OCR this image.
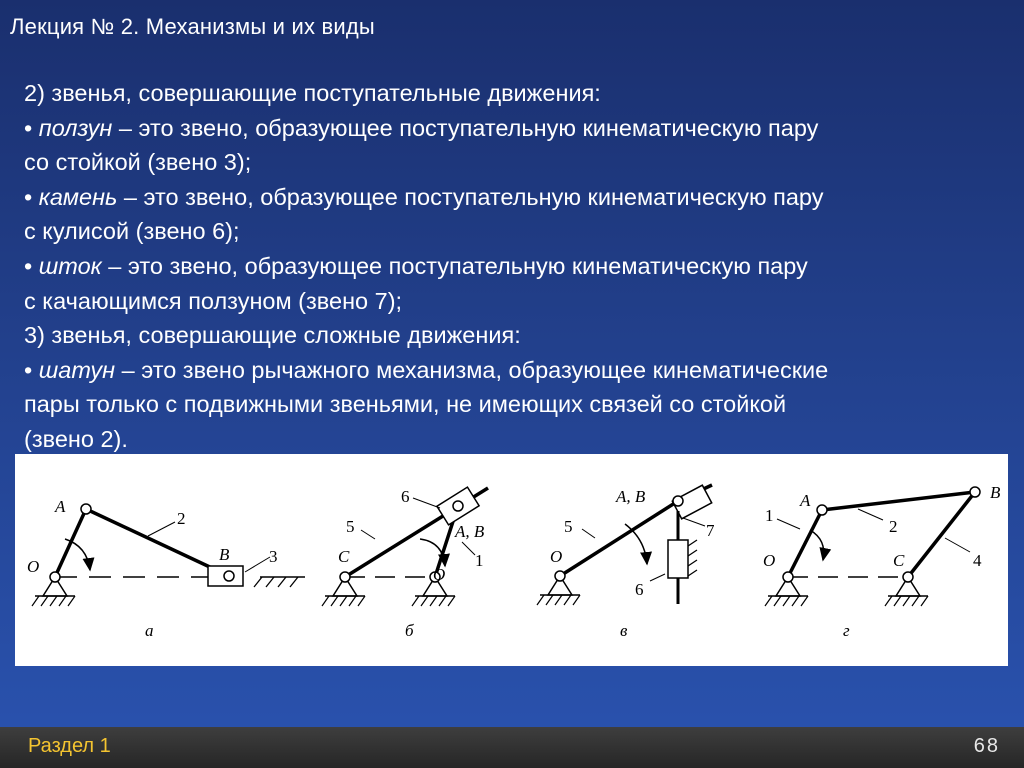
Лекция № 2. Механизмы и их виды
2) звенья, совершающие поступательные движения:
• ползун – это звено, образующее поступательную кинематическую пару
со стойкой (звено 3);
• камень – это звено, образующее поступательную кинематическую пару
с кулисой (звено 6);
• шток – это звено, образующее поступательную кинематическую пару
с качающимся ползуном (звено 7);
3) звенья, совершающие сложные движения:
• шатун – это звено рычажного механизма, образующее кинематические
пары только с подвижными звеньями, не имеющих связей со стойкой
(звено 2).
A
O
B
2
3
а
6
5
C
A, B
1
O
б
A, B
5
O
7
6
в
B
A
1
2
O	C	4
г
Раздел 1	68
